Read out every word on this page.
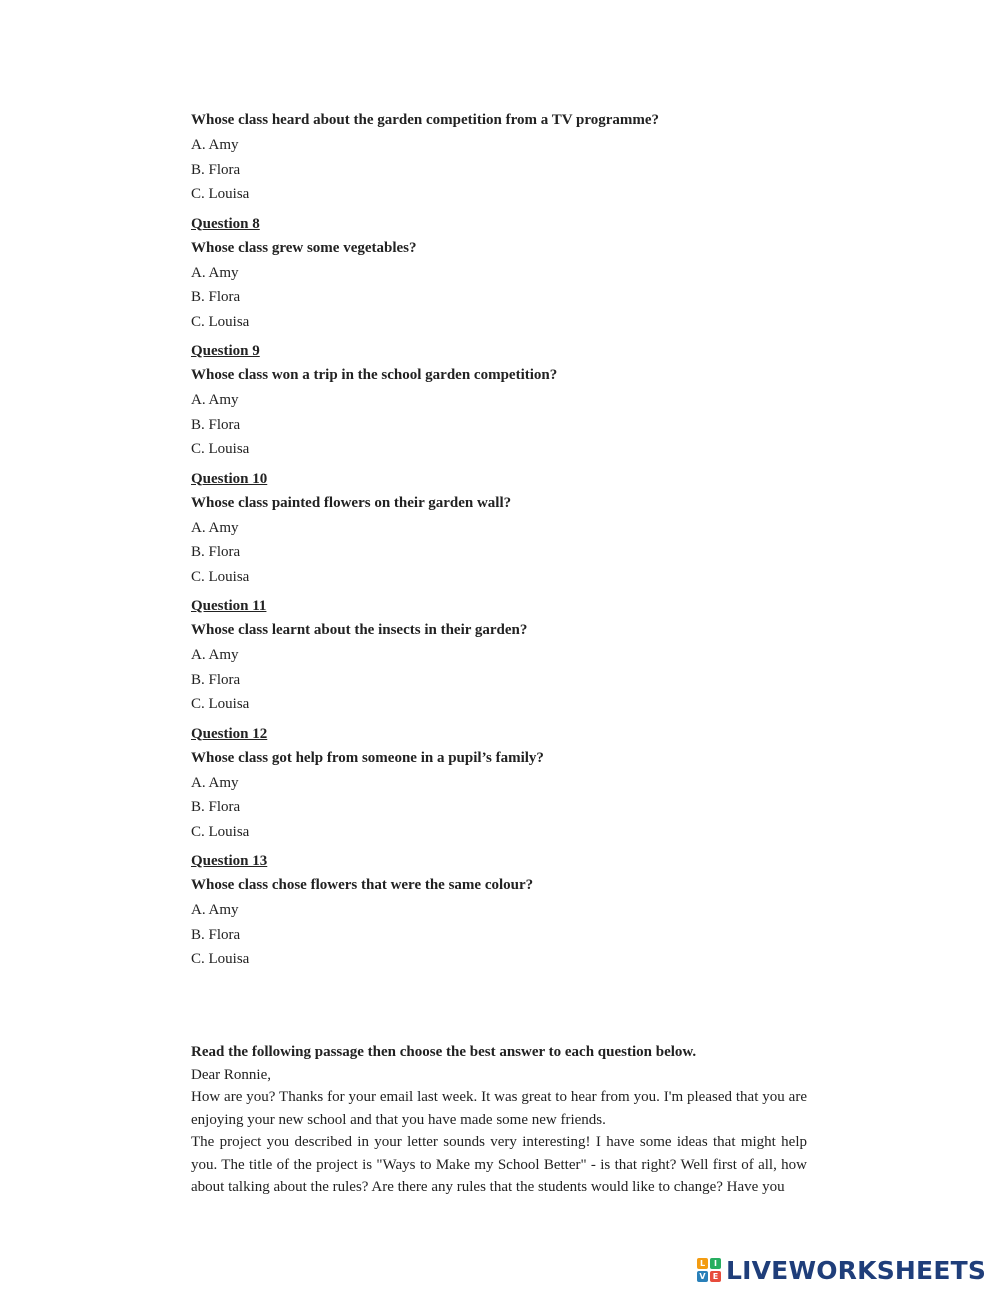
Whose class heard about the garden competition from a TV programme?
A. Amy
B. Flora
C. Louisa
Question 8
Whose class grew some vegetables?
A. Amy
B. Flora
C. Louisa
Question 9
Whose class won a trip in the school garden competition?
A. Amy
B. Flora
C. Louisa
Question 10
Whose class painted flowers on their garden wall?
A. Amy
B. Flora
C. Louisa
Question 11
Whose class learnt about the insects in their garden?
A. Amy
B. Flora
C. Louisa
Question 12
Whose class got help from someone in a pupil’s family?
A. Amy
B. Flora
C. Louisa
Question 13
Whose class chose flowers that were the same colour?
A. Amy
B. Flora
C. Louisa
Read the following passage then choose the best answer to each question below.
Dear Ronnie,

How are you? Thanks for your email last week. It was great to hear from you. I'm pleased that you are enjoying your new school and that you have made some new friends.

The project you described in your letter sounds very interesting! I have some ideas that might help you. The title of the project is "Ways to Make my School Better" - is that right? Well first of all, how about talking about the rules? Are there any rules that the students would like to change? Have you

L	I
V E LIVEWORKSHEETS
